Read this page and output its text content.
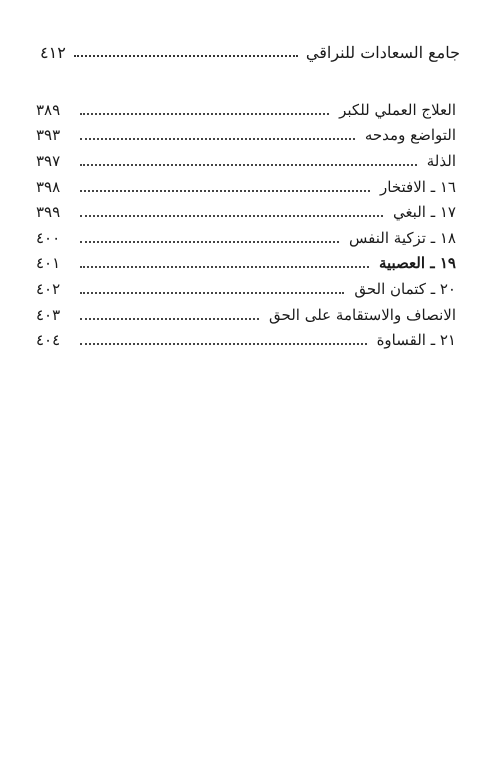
جامع السعادات للنراقي
٤١٢
العلاج العملي للكبر
٣٨٩
التواضع ومدحه
٣٩٣
الذلة
٣٩٧
١٦ ـ الافتخار
٣٩٨
١٧ ـ البغي
٣٩٩
١٨ ـ تزكية النفس
٤٠٠
١٩ ـ العصبية
٤٠١
٢٠ ـ كتمان الحق
٤٠٢
الانصاف والاستقامة على الحق
٤٠٣
٢١ ـ القساوة
٤٠٤
